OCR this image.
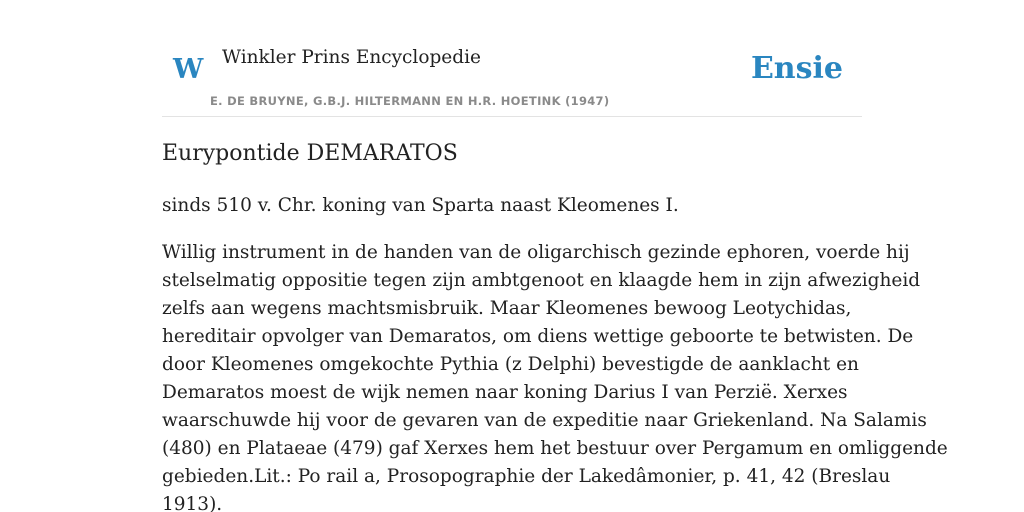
W Winkler Prins Encyclopedie
E. DE BRUYNE, G.B.J. HILTERMANN EN H.R. HOETINK (1947)
Ensie
Eurypontide DEMARATOS

sinds 510 v. Chr. koning van Sparta naast Kleomenes I.

Willig instrument in de handen van de oligarchisch gezinde ephoren, voerde hij
stelselmatig oppositie tegen zijn ambtgenoot en klaagde hem in zijn afwezigheid
zelfs aan wegens machtsmisbruik. Maar Kleomenes bewoog Leotychidas,
hereditair opvolger van Demaratos, om diens wettige geboorte te betwisten. De
door Kleomenes omgekochte Pythia (z Delphi) bevestigde de aanklacht en
Demaratos moest de wijk nemen naar koning Darius I van Perzië. Xerxes
waarschuwde hij voor de gevaren van de expeditie naar Griekenland. Na Salamis
(480) en Plataeae (479) gaf Xerxes hem het bestuur over Pergamum en omliggende
gebieden.Lit.: Po rail a, Prosopographie der Lakedâmonier, p. 41, 42 (Breslau
1913).
